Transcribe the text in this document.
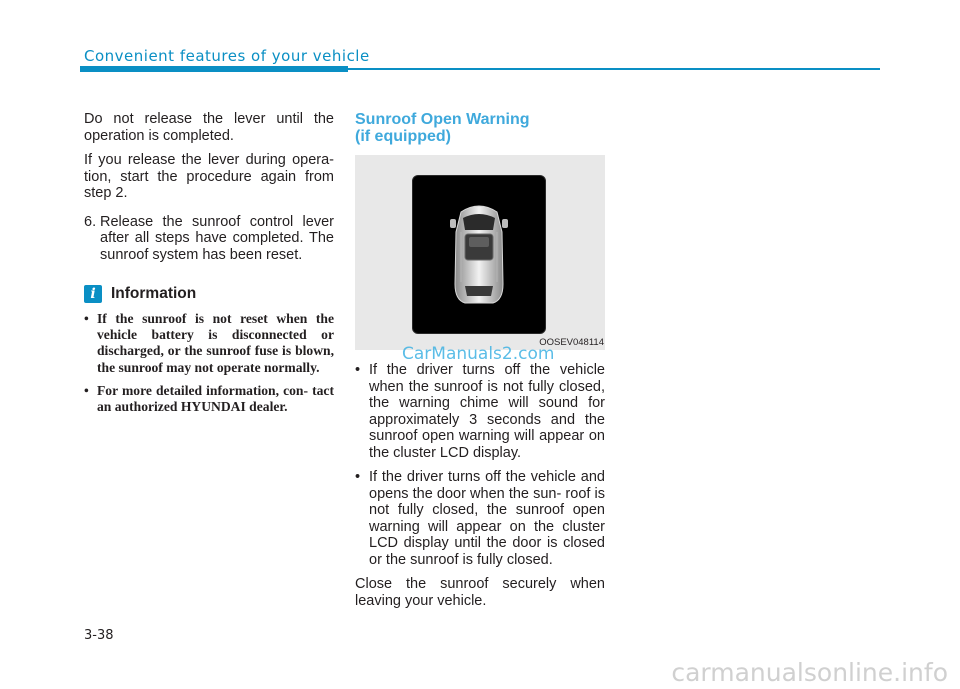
Convenient features of your vehicle

Do not release the lever until the operation is completed.

If you release the lever during opera- tion, start the procedure again from step 2.

6. Release the sunroof control lever after all steps have completed. The sunroof system has been reset.
i Information
• If the sunroof is not reset when the vehicle battery is disconnected or discharged, or the sunroof fuse is blown, the sunroof may not operate normally.
• For more detailed information, con- tact an authorized HYUNDAI dealer.
Sunroof Open Warning
(if equipped)
OOSEV048114
• If the driver turns off the vehicle when the sunroof is not fully closed, the warning chime will sound for approximately 3 seconds and the sunroof open warning will appear on the cluster LCD display.
• If the driver turns off the vehicle and opens the door when the sun- roof is not fully closed, the sunroof open warning will appear on the cluster LCD display until the door is closed or the sunroof is fully closed.

Close the sunroof securely when leaving your vehicle.

CarManuals2.com
3-38
carmanualsonline.info
